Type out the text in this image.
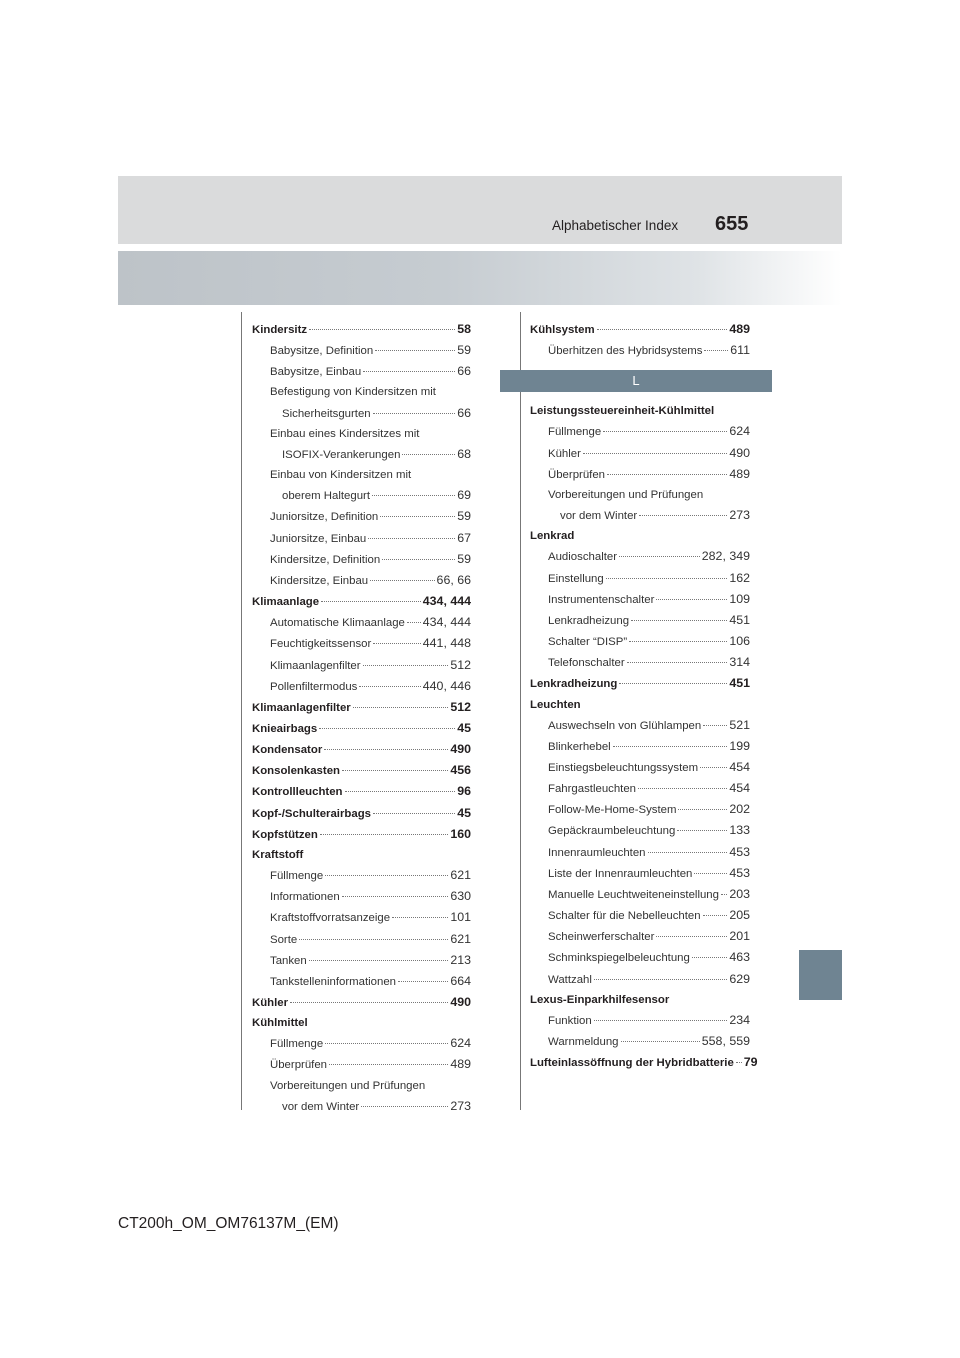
Alphabetischer Index 655
Kindersitz	58
Babysitze, Definition	59
Babysitze, Einbau	66
Befestigung von Kindersitzen mit
Sicherheitsgurten	66
Einbau eines Kindersitzes mit
ISOFIX-Verankerungen	68
Einbau von Kindersitzen mit
oberem Haltegurt	69
Juniorsitze, Definition	59
Juniorsitze, Einbau	67
Kindersitze, Definition	59
Kindersitze, Einbau	66, 66
Klimaanlage	434, 444
Automatische Klimaanlage 434, 444
Feuchtigkeitssensor	441, 448
Klimaanlagenfilter	512
Pollenfiltermodus	440, 446
Klimaanlagenfilter	512
Knieairbags	45
Kondensator	490
Konsolenkasten	456
Kontrollleuchten	96
Kopf-/Schulterairbags	45
Kopfstützen	160
Kraftstoff
Füllmenge	621
Informationen	630
Kraftstoffvorratsanzeige	101
Sorte	621
Tanken	213
Tankstelleninformationen	664
Kühler	490
Kühlmittel
Füllmenge	624
Überprüfen	489
Vorbereitungen und Prüfungen
vor dem Winter	273
Kühlsystem	489
Überhitzen des Hybridsystems 611
L
Leistungssteuereinheit-Kühlmittel
Füllmenge	624
Kühler	490
Überprüfen	489
Vorbereitungen und Prüfungen
vor dem Winter	273
Lenkrad
Audioschalter	282, 349
Einstellung	162
Instrumentenschalter	109
Lenkradheizung	451
Schalter “DISP”	106
Telefonschalter	314
Lenkradheizung	451
Leuchten
Auswechseln von Glühlampen 521
Blinkerhebel	199
Einstiegsbeleuchtungssystem	454
Fahrgastleuchten	454
Follow-Me-Home-System	202
Gepäckraumbeleuchtung	133
Innenraumleuchten	453
Liste der Innenraumleuchten	453
Manuelle Leuchtweiteneinstellung 203
Schalter für die Nebelleuchten 205
Scheinwerferschalter	201
Schminkspiegelbeleuchtung	463
Wattzahl	629
Lexus-Einparkhilfesensor
Funktion	234
Warnmeldung	558, 559
Lufteinlassöffnung der Hybridbatterie 79
CT200h_OM_OM76137M_(EM)
